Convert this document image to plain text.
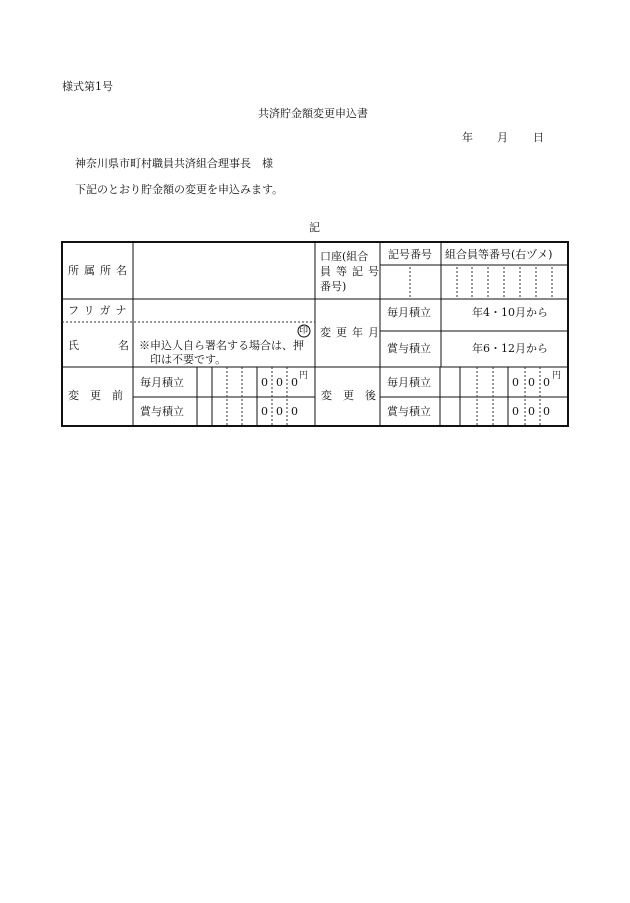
様式第1号
共済貯金額変更申込書
年 月 日
神奈川県市町村職員共済組合理事長　様
下記のとおり貯金額の変更を申込みます。
記
所属所名
口座(組合
員等記号
番号)
記号番号 組合員等番号(右ヅメ)
フリガナ
氏	名
印
※申込人自ら署名する場合は、押
印は不要です。
変更年月
毎月積立
賞与積立
年4・10月から
年6・12月から
変　更　前
毎月積立
賞与積立
変　更　後
毎月積立
賞与積立
0 0 0 円
0 0 0
0 0 0 円
0 0 0
